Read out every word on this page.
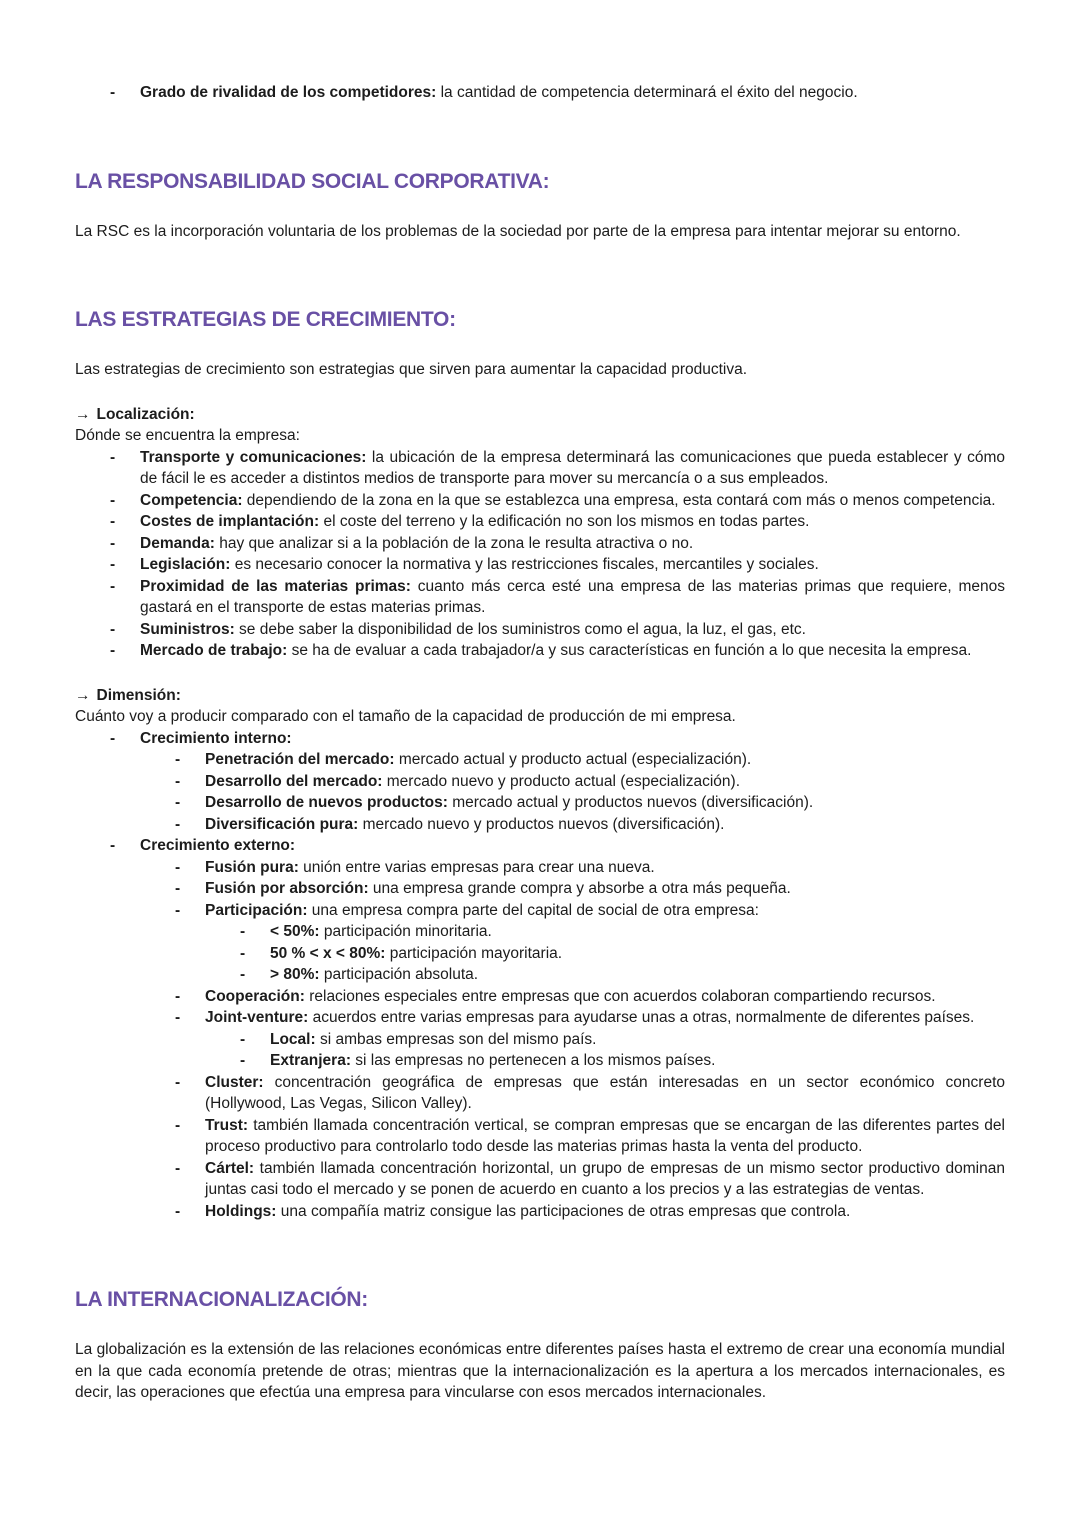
-	Grado de rivalidad de los competidores: la cantidad de competencia determinará el éxito del negocio.
LA RESPONSABILIDAD SOCIAL CORPORATIVA:

La RSC es la incorporación voluntaria de los problemas de la sociedad por parte de la empresa para intentar mejorar su entorno.

LAS ESTRATEGIAS DE CRECIMIENTO:

Las estrategias de crecimiento son estrategias que sirven para aumentar la capacidad productiva.

→ Localización:
Dónde se encuentra la empresa:
-	Transporte y comunicaciones: la ubicación de la empresa determinará las comunicaciones que pueda establecer y cómo de fácil le es acceder a distintos medios de transporte para mover su mercancía o a sus empleados.
-	Competencia: dependiendo de la zona en la que se establezca una empresa, esta contará com más o menos competencia.
-	Costes de implantación: el coste del terreno y la edificación no son los mismos en todas partes.
-	Demanda: hay que analizar si a la población de la zona le resulta atractiva o no.
-	Legislación: es necesario conocer la normativa y las restricciones fiscales, mercantiles y sociales.
-	Proximidad de las materias primas: cuanto más cerca esté una empresa de las materias primas que requiere, menos gastará en el transporte de estas materias primas.
-	Suministros: se debe saber la disponibilidad de los suministros como el agua, la luz, el gas, etc.
-	Mercado de trabajo: se ha de evaluar a cada trabajador/a y sus características en función a lo que necesita la empresa.
→ Dimensión:
Cuánto voy a producir comparado con el tamaño de la capacidad de producción de mi empresa.
-	Crecimiento interno:
-	Penetración del mercado: mercado actual y producto actual (especialización).
-	Desarrollo del mercado: mercado nuevo y producto actual (especialización).
-	Desarrollo de nuevos productos: mercado actual y productos nuevos (diversificación).
-	Diversificación pura: mercado nuevo y productos nuevos (diversificación).
-	Crecimiento externo:
-	Fusión pura: unión entre varias empresas para crear una nueva.
-	Fusión por absorción: una empresa grande compra y absorbe a otra más pequeña.
-	Participación: una empresa compra parte del capital de social de otra empresa:
-	< 50%: participación minoritaria.
-	50 % < x < 80%: participación mayoritaria.
-	> 80%: participación absoluta.
-	Cooperación: relaciones especiales entre empresas que con acuerdos colaboran compartiendo recursos.
-	Joint-venture: acuerdos entre varias empresas para ayudarse unas a otras, normalmente de diferentes países.
-	Local: si ambas empresas son del mismo país.
-	Extranjera: si las empresas no pertenecen a los mismos países.
-	Cluster: concentración geográfica de empresas que están interesadas en un sector económico concreto (Hollywood, Las Vegas, Silicon Valley).
-	Trust: también llamada concentración vertical, se compran empresas que se encargan de las diferentes partes del proceso productivo para controlarlo todo desde las materias primas hasta la venta del producto.
-	Cártel: también llamada concentración horizontal, un grupo de empresas de un mismo sector productivo dominan juntas casi todo el mercado y se ponen de acuerdo en cuanto a los precios y a las estrategias de ventas.
-	Holdings: una compañía matriz consigue las participaciones de otras empresas que controla.
LA INTERNACIONALIZACIÓN:

La globalización es la extensión de las relaciones económicas entre diferentes países hasta el extremo de crear una economía mundial en la que cada economía pretende de otras; mientras que la internacionalización es la apertura a los mercados internacionales, es decir, las operaciones que efectúa una empresa para vincularse con esos mercados internacionales.
